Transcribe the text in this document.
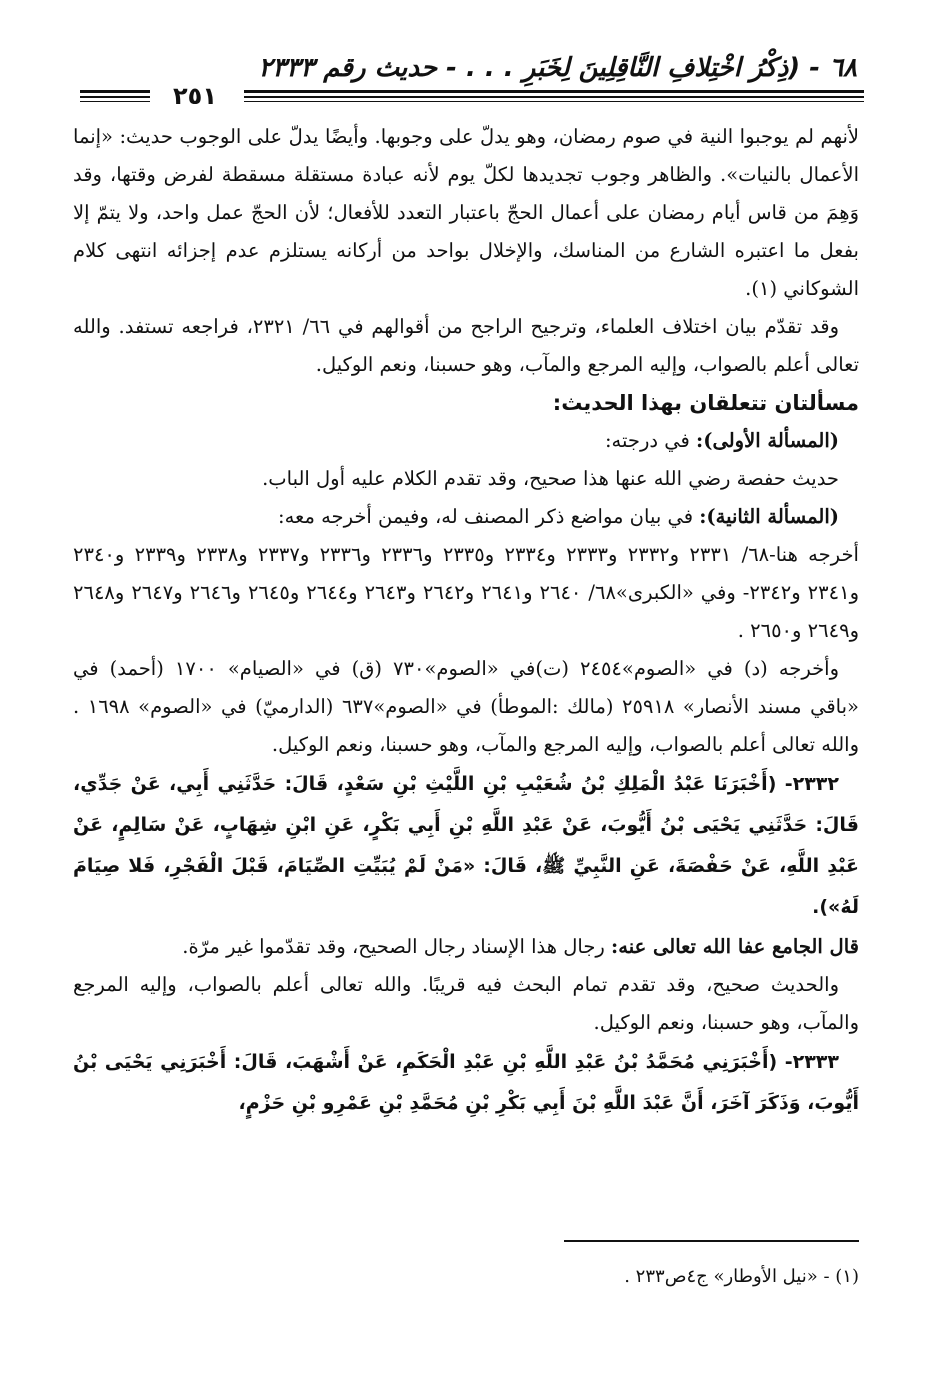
٦٨ - (ذِكْرُ اخْتِلافِ النَّاقِلِينَ لِخَبَرِ . . . - حديث رقم ٢٣٣٣
٢٥١

لأنهم لم يوجبوا النية في صوم رمضان، وهو يدلّ على وجوبها. وأيضًا يدلّ على الوجوب حديث: «إنما الأعمال بالنيات». والظاهر وجوب تجديدها لكلّ يوم لأنه عبادة مستقلة مسقطة لفرض وقتها، وقد وَهِمَ من قاس أيام رمضان على أعمال الحجّ باعتبار التعدد للأفعال؛ لأن الحجّ عمل واحد، ولا يتمّ إلا بفعل ما اعتبره الشارع من المناسك، والإخلال بواحد من أركانه يستلزم عدم إجزائه انتهى كلام الشوكاني (١).

وقد تقدّم بيان اختلاف العلماء، وترجيح الراجح من أقوالهم في ٦٦/ ٢٣٢١، فراجعه تستفد. والله تعالى أعلم بالصواب، وإليه المرجع والمآب، وهو حسبنا، ونعم الوكيل.

مسألتان تتعلقان بهذا الحديث:

(المسألة الأولى): في درجته:

حديث حفصة رضي الله عنها هذا صحيح، وقد تقدم الكلام عليه أول الباب.

(المسألة الثانية): في بيان مواضع ذكر المصنف له، وفيمن أخرجه معه:

أخرجه هنا-٦٨/ ٢٣٣١ و٢٣٣٢ و٢٣٣٣ و٢٣٣٤ و٢٣٣٥ و٢٣٣٦ و٢٣٣٦ و٢٣٣٧ و٢٣٣٨ و٢٣٣٩ و٢٣٤٠ و٢٣٤١ و٢٣٤٢- وفي «الكبرى»٦٨/ ٢٦٤٠ و٢٦٤١ و٢٦٤٢ و٢٦٤٣ و٢٦٤٤ و٢٦٤٥ و٢٦٤٦ و٢٦٤٧ و٢٦٤٨ و٢٦٤٩ و٢٦٥٠ .

وأخرجه (د) في «الصوم»٢٤٥٤ (ت)في «الصوم»٧٣٠ (ق) في «الصيام» ١٧٠٠ (أحمد) في «باقي مسند الأنصار» ٢٥٩١٨ (مالك :الموطأ) في «الصوم»٦٣٧ (الدارميّ) في «الصوم» ١٦٩٨ . والله تعالى أعلم بالصواب، وإليه المرجع والمآب، وهو حسبنا، ونعم الوكيل.

٢٣٣٢- (أَخْبَرَنَا عَبْدُ الْمَلِكِ بْنُ شُعَيْبِ بْنِ اللَّيْثِ بْنِ سَعْدٍ، قَالَ: حَدَّثَنِي أَبِي، عَنْ جَدِّي، قَالَ: حَدَّثَنِي يَحْيَى بْنُ أَيُّوبَ، عَنْ عَبْدِ اللَّهِ بْنِ أَبِي بَكْرٍ، عَنِ ابْنِ شِهَابٍ، عَنْ سَالِمٍ، عَنْ عَبْدِ اللَّهِ، عَنْ حَفْصَةَ، عَنِ النَّبِيِّ ﷺ، قَالَ: «مَنْ لَمْ يُبَيِّتِ الصِّيَامَ، قَبْلَ الْفَجْرِ، فَلا صِيَامَ لَهُ»).

قال الجامع عفا الله تعالى عنه: رجال هذا الإسناد رجال الصحيح، وقد تقدّموا غير مرّة.

والحديث صحيح، وقد تقدم تمام البحث فيه قريبًا. والله تعالى أعلم بالصواب، وإليه المرجع والمآب، وهو حسبنا، ونعم الوكيل.

٢٣٣٣- (أَخْبَرَنِي مُحَمَّدُ بْنُ عَبْدِ اللَّهِ بْنِ عَبْدِ الْحَكَمِ، عَنْ أَشْهَبَ، قَالَ: أَخْبَرَنِي يَحْيَى بْنُ أَيُّوبَ، وَذَكَرَ آخَرَ، أَنَّ عَبْدَ اللَّهِ بْنَ أَبِي بَكْرِ بْنِ مُحَمَّدِ بْنِ عَمْرِو بْنِ حَزْمٍ،

(١) - «نيل الأوطار» ج٤ص٢٣٣ .
